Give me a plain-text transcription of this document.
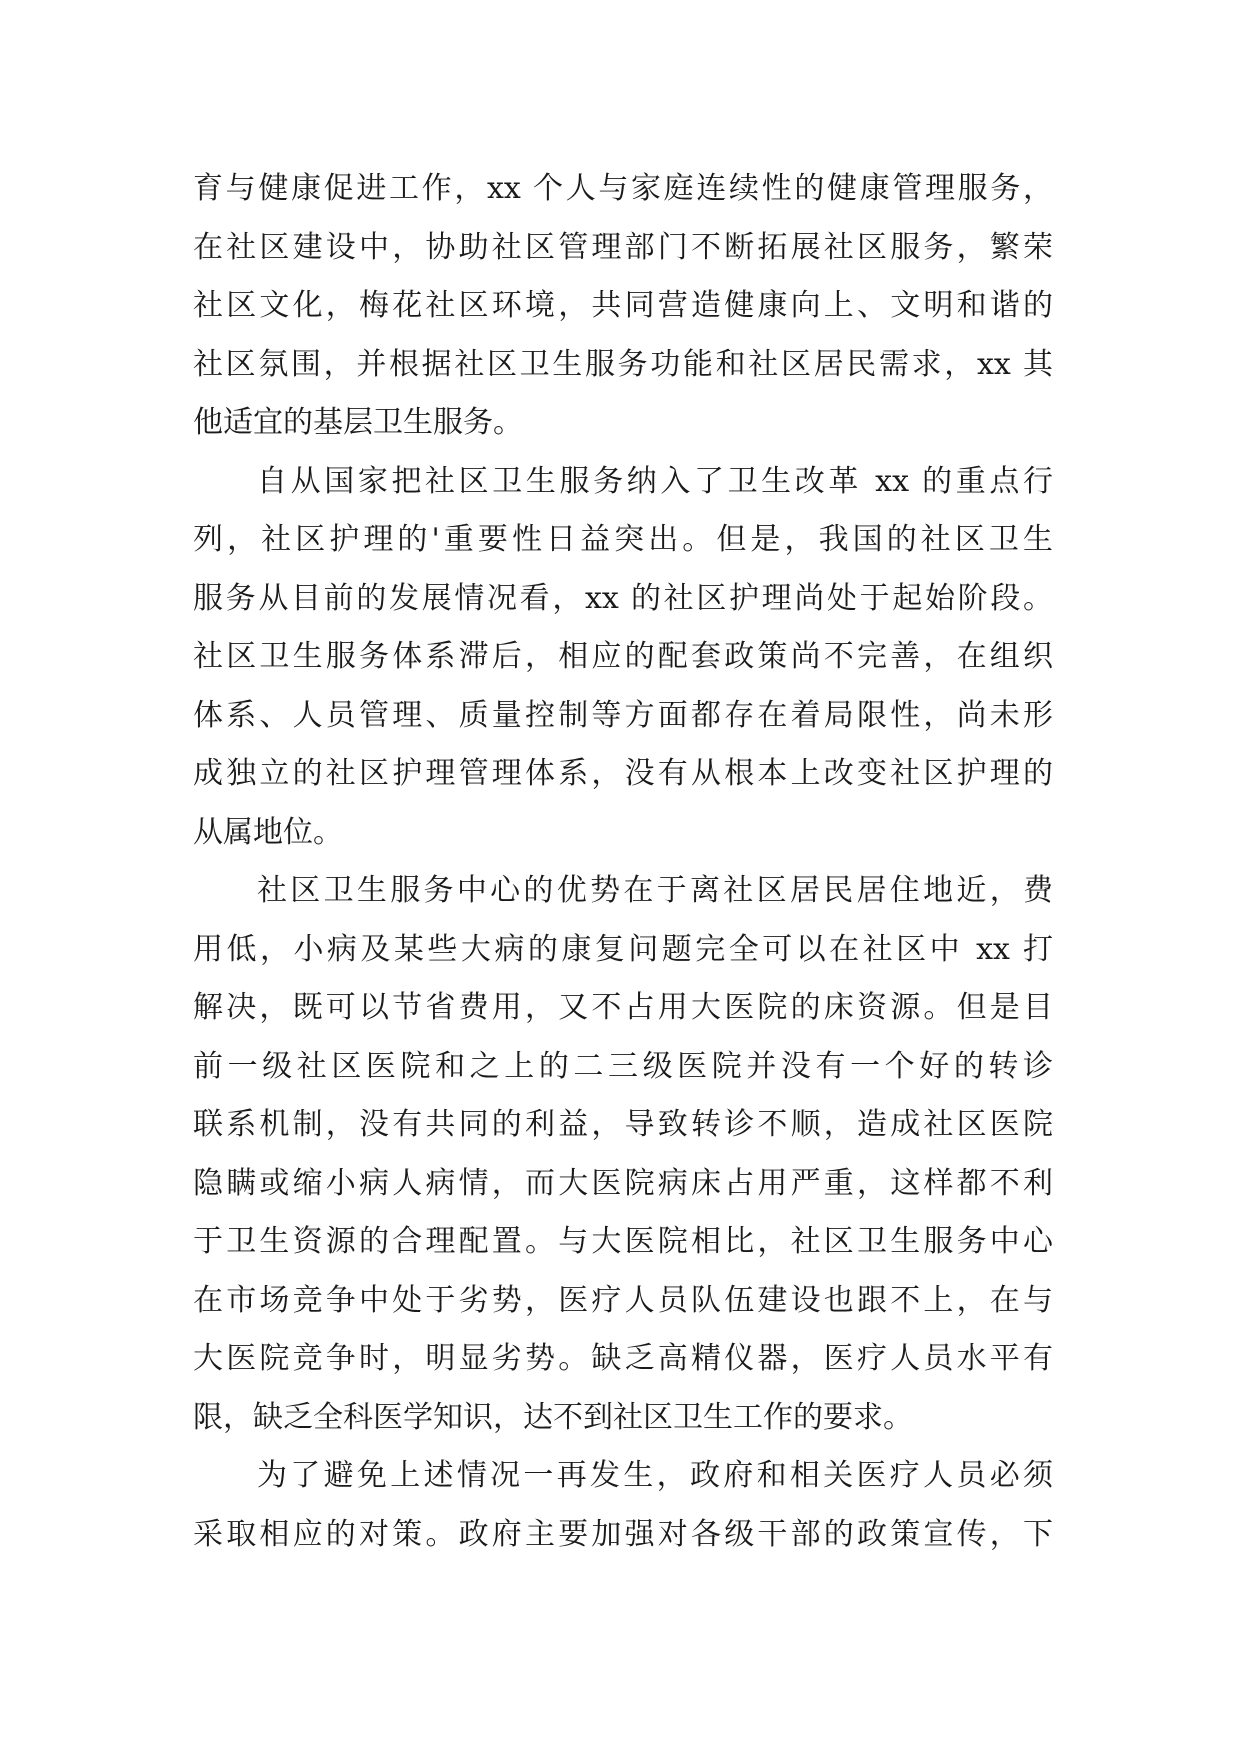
育与健康促进工作，xx 个人与家庭连续性的健康管理服务，
在社区建设中，协助社区管理部门不断拓展社区服务，繁荣
社区文化，梅花社区环境，共同营造健康向上、文明和谐的
社区氛围，并根据社区卫生服务功能和社区居民需求，xx 其
他适宜的基层卫生服务。
自从国家把社区卫生服务纳入了卫生改革 xx 的重点行
列，社区护理的'重要性日益突出。但是，我国的社区卫生
服务从目前的发展情况看，xx 的社区护理尚处于起始阶段。
社区卫生服务体系滞后，相应的配套政策尚不完善，在组织
体系、人员管理、质量控制等方面都存在着局限性，尚未形
成独立的社区护理管理体系，没有从根本上改变社区护理的
从属地位。
社区卫生服务中心的优势在于离社区居民居住地近，费
用低，小病及某些大病的康复问题完全可以在社区中 xx 打
解决，既可以节省费用，又不占用大医院的床资源。但是目
前一级社区医院和之上的二三级医院并没有一个好的转诊
联系机制，没有共同的利益，导致转诊不顺，造成社区医院
隐瞒或缩小病人病情，而大医院病床占用严重，这样都不利
于卫生资源的合理配置。与大医院相比，社区卫生服务中心
在市场竞争中处于劣势，医疗人员队伍建设也跟不上，在与
大医院竞争时，明显劣势。缺乏高精仪器，医疗人员水平有
限，缺乏全科医学知识，达不到社区卫生工作的要求。
为了避免上述情况一再发生，政府和相关医疗人员必须
采取相应的对策。政府主要加强对各级干部的政策宣传，下
